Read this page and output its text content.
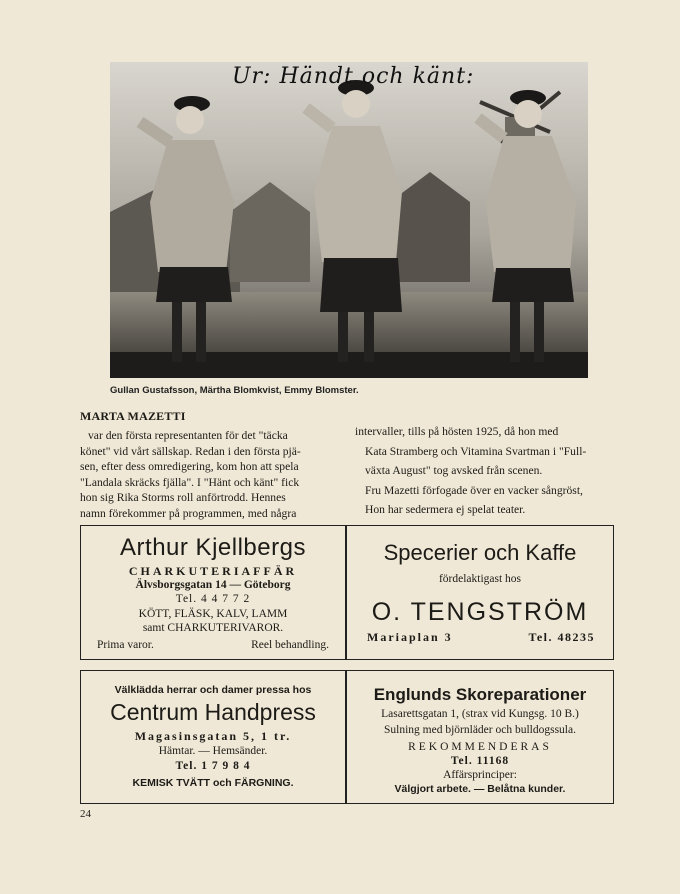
Ur: Händt och känt:
Gullan Gustafsson, Märtha Blomkvist, Emmy Blomster.
MARTA MAZETTI

var den första representanten för det "täcka

könet" vid vårt sällskap. Redan i den första pjä-

sen, efter dess omredigering, kom hon att spela

"Landala skräcks fjälla". I "Hänt och känt" fick

hon sig Rika Storms roll anförtrodd. Hennes

namn förekommer på programmen, med några

intervaller, tills på hösten 1925, då hon med

Kata Stramberg och Vitamina Svartman i "Full-

växta August" tog avsked från scenen.

Fru Mazetti förfogade över en vacker sångröst,

Hon har sedermera ej spelat teater.

Arthur Kjellbergs
CHARKUTERIAFFÄR
Älvsborgsgatan 14 — Göteborg
Tel. 4 4 7 7 2
KÖTT, FLÄSK, KALV, LAMM
samt CHARKUTERIVAROR.
Prima varor.	Reel behandling.
Specerier och Kaffe
fördelaktigast hos
O. TENGSTRÖM
Mariaplan 3	Tel. 48235
Välklädda herrar och damer pressa hos
Centrum Handpress
Magasinsgatan 5, 1 tr.
Hämtar. — Hemsänder.
Tel. 1 7 9 8 4
KEMISK TVÄTT och FÄRGNING.
Englunds Skoreparationer
Lasarettsgatan 1, (strax vid Kungsg. 10 B.)
Sulning med björnläder och bulldogssula.
REKOMMENDERAS
Tel. 11168
Affärsprinciper:
Välgjort arbete. — Belåtna kunder.
24
